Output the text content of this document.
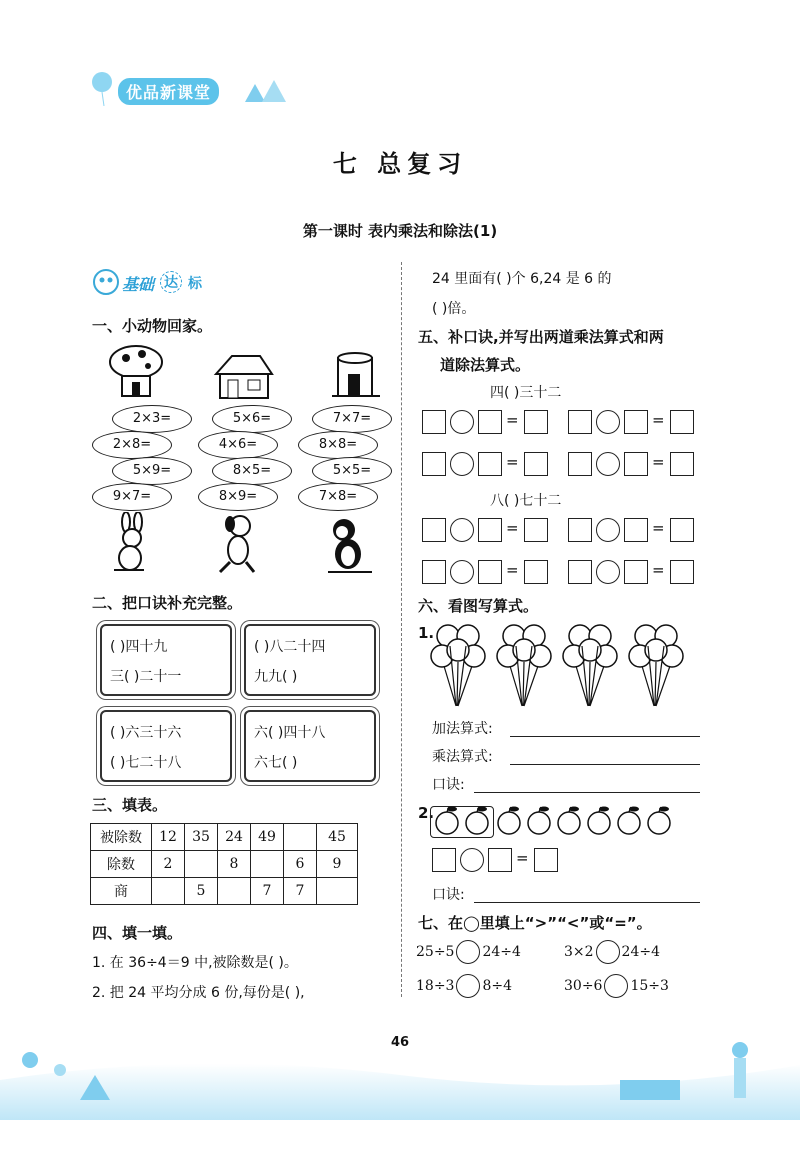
优品新课堂
七 总复习
第一课时 表内乘法和除法(1)
基础 达 标
一、小动物回家。
2×3=	5×6=	7×7=
2×8=	4×6=	8×8=
5×9=	8×5=	5×5=
9×7=	8×9=	7×8=
二、把口诀补充完整。
( )四十九
三( )二十一
( )八二十四
九九( )
( )六三十六
( )七二十八
六( )四十八
六七( )
三、填表。
被除数	12	35	24	49		45
除数	2		8		6	9
商		5		7	7	
四、填一填。
1. 在 36÷4＝9 中,被除数是( )。
2. 把 24 平均分成 6 份,每份是( ),
24 里面有( )个 6,24 是 6 的
( )倍。
五、补口诀,并写出两道乘法算式和两
道除法算式。
四( )三十二
八( )七十二
六、看图写算式。
1.
加法算式:
乘法算式:
口诀:
2.
=
口诀:
七、在◯里填上“>”“<”或“=”。
25÷5 24÷4	3×2 24÷4
18÷3 8÷4	30÷6 15÷3
46
=	=
=	=
=	=
=	=
